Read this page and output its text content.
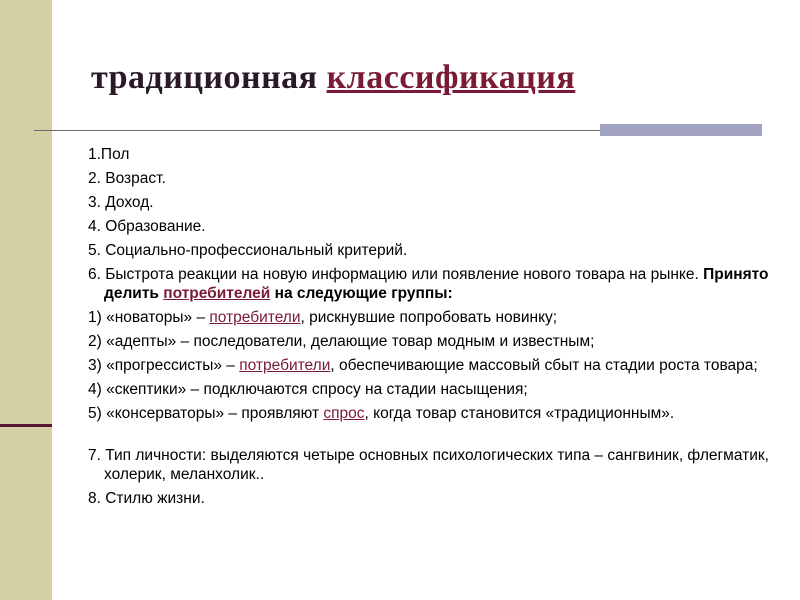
традиционная классификация
1.Пол
2. Возраст.
3. Доход.
4. Образование.
5. Социально-профессиональный критерий.
6. Быстрота реакции на новую информацию или появление нового товара на рынке. Принято делить потребителей на следующие группы:
1) «новаторы» – потребители, рискнувшие попробовать новинку;
2) «адепты» – последователи, делающие товар модным и известным;
3) «прогрессисты» – потребители, обеспечивающие массовый сбыт на стадии роста товара;
4) «скептики» – подключаются спросу на стадии насыщения;
5) «консерваторы» – проявляют спрос, когда товар становится «традиционным».
7. Тип личности: выделяются четыре основных психологических типа – сангвиник, флегматик, холерик, меланхолик..
8. Стилю жизни.
